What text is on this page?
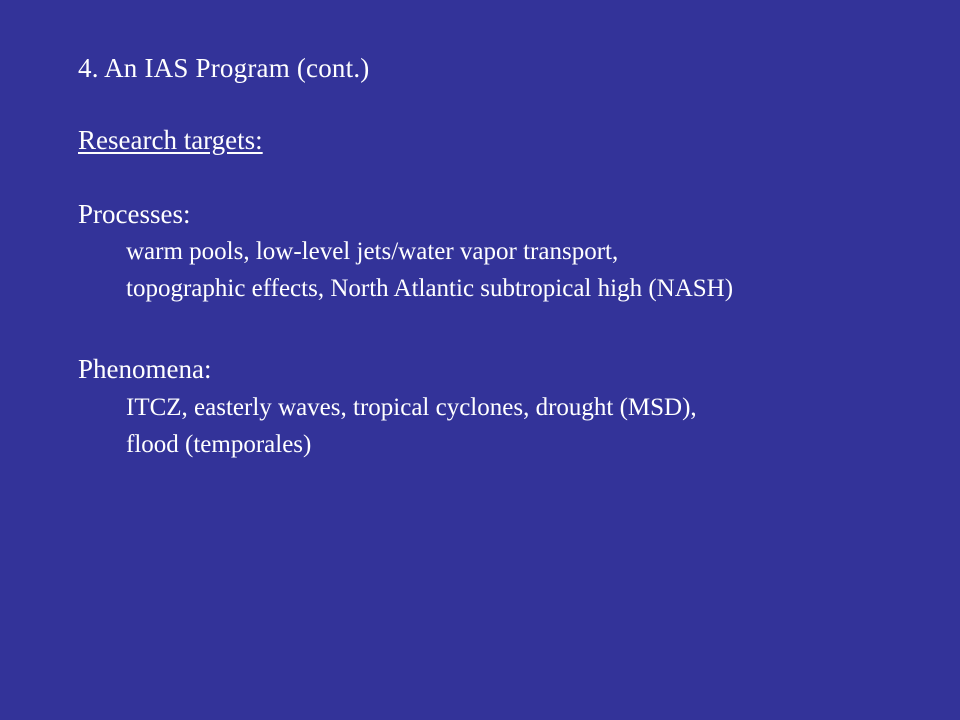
4. An IAS Program (cont.)
Research targets:
Processes:
warm pools, low-level jets/water vapor transport,
topographic effects, North Atlantic subtropical high (NASH)
Phenomena:
ITCZ, easterly waves, tropical cyclones, drought (MSD),
flood (temporales)
